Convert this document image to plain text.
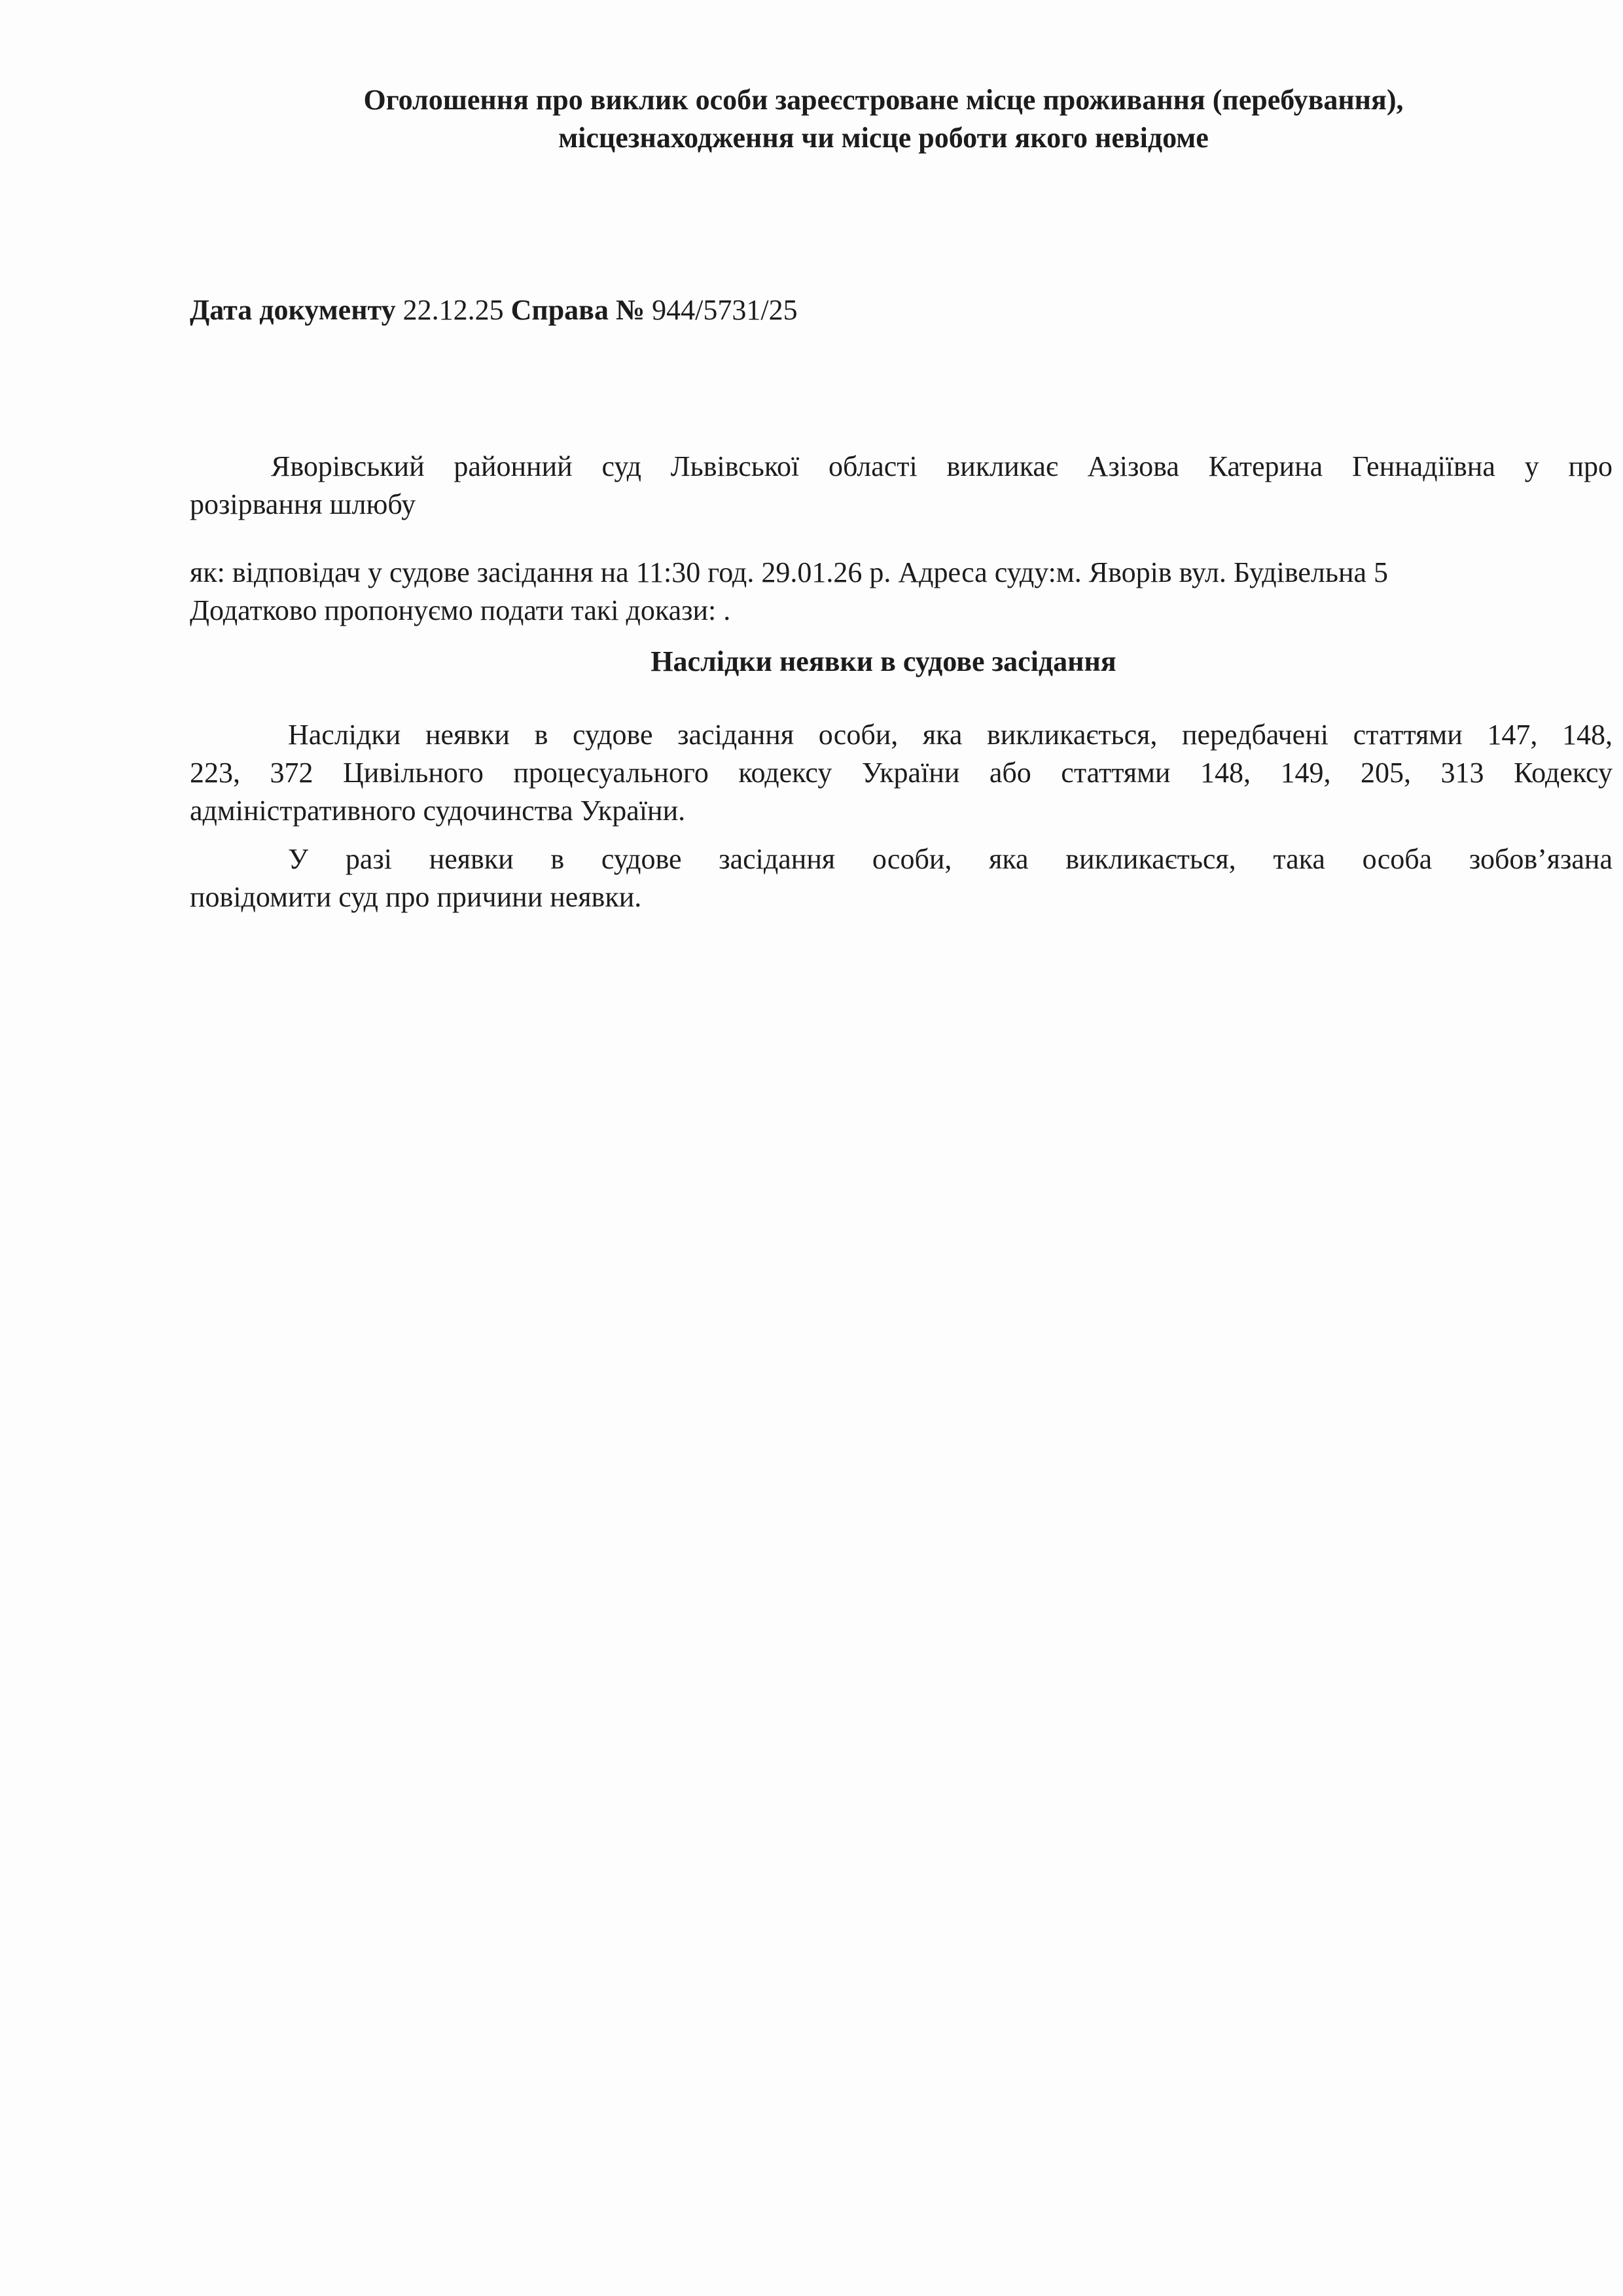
Оголошення про виклик особи зареєстроване місце проживання (перебування),
місцезнаходження чи місце роботи якого невідоме
Дата документу 22.12.25 Справа № 944/5731/25
Яворівський районний суд Львівської області викликає Азізова Катерина Геннадіївна у про
розірвання шлюбу
як: відповідач у судове засідання на 11:30 год. 29.01.26 р. Адреса суду:м. Яворів вул. Будівельна 5
Додатково пропонуємо подати такі докази: .
Наслідки неявки в судове засідання
Наслідки неявки в судове засідання особи, яка викликається, передбачені статтями 147, 148,
223, 372 Цивільного процесуального кодексу України або статтями 148, 149, 205, 313 Кодексу
адміністративного судочинства України.
У разі неявки в судове засідання особи, яка викликається, така особа зобов’язана
повідомити суд про причини неявки.
